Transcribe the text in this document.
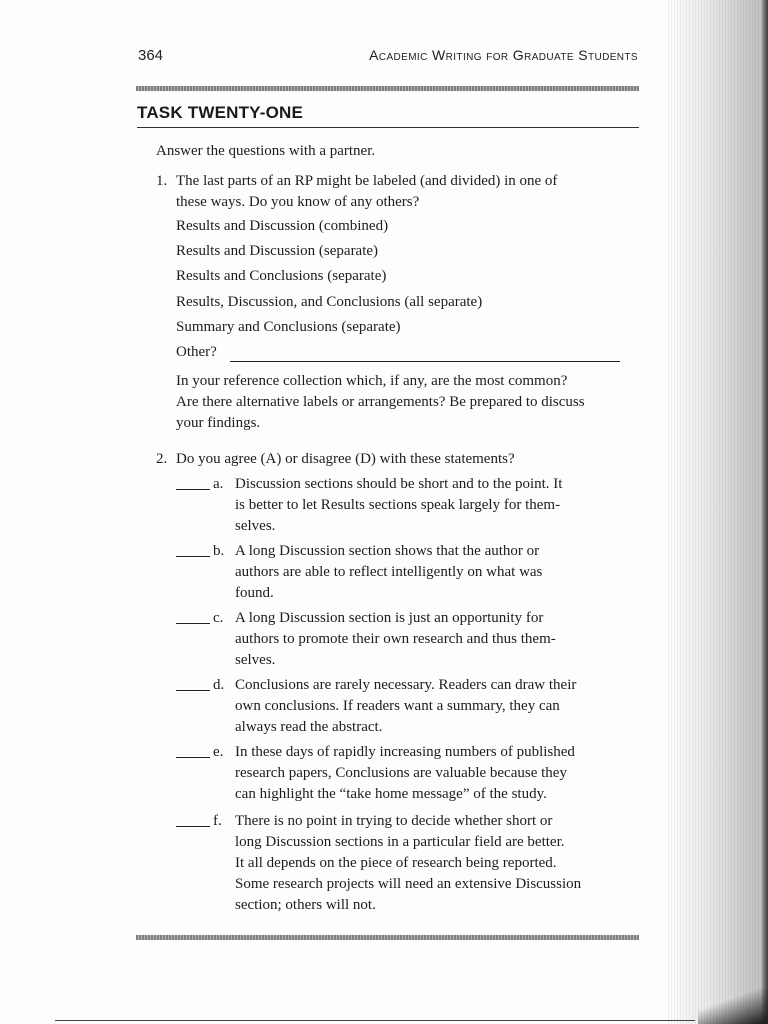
364	Academic Writing for Graduate Students
TASK TWENTY-ONE
Answer the questions with a partner.
1. The last parts of an RP might be labeled (and divided) in one of
these ways. Do you know of any others?
Results and Discussion (combined)
Results and Discussion (separate)
Results and Conclusions (separate)
Results, Discussion, and Conclusions (all separate)
Summary and Conclusions (separate)
Other?
In your reference collection which, if any, are the most common?
Are there alternative labels or arrangements? Be prepared to discuss
your findings.
2. Do you agree (A) or disagree (D) with these statements?
a. Discussion sections should be short and to the point. It
is better to let Results sections speak largely for them-
selves.
b. A long Discussion section shows that the author or
authors are able to reflect intelligently on what was
found.
c. A long Discussion section is just an opportunity for
authors to promote their own research and thus them-
selves.
d. Conclusions are rarely necessary. Readers can draw their
own conclusions. If readers want a summary, they can
always read the abstract.
e. In these days of rapidly increasing numbers of published
research papers, Conclusions are valuable because they
can highlight the “take home message” of the study.
f. There is no point in trying to decide whether short or
long Discussion sections in a particular field are better.
It all depends on the piece of research being reported.
Some research projects will need an extensive Discussion
section; others will not.
